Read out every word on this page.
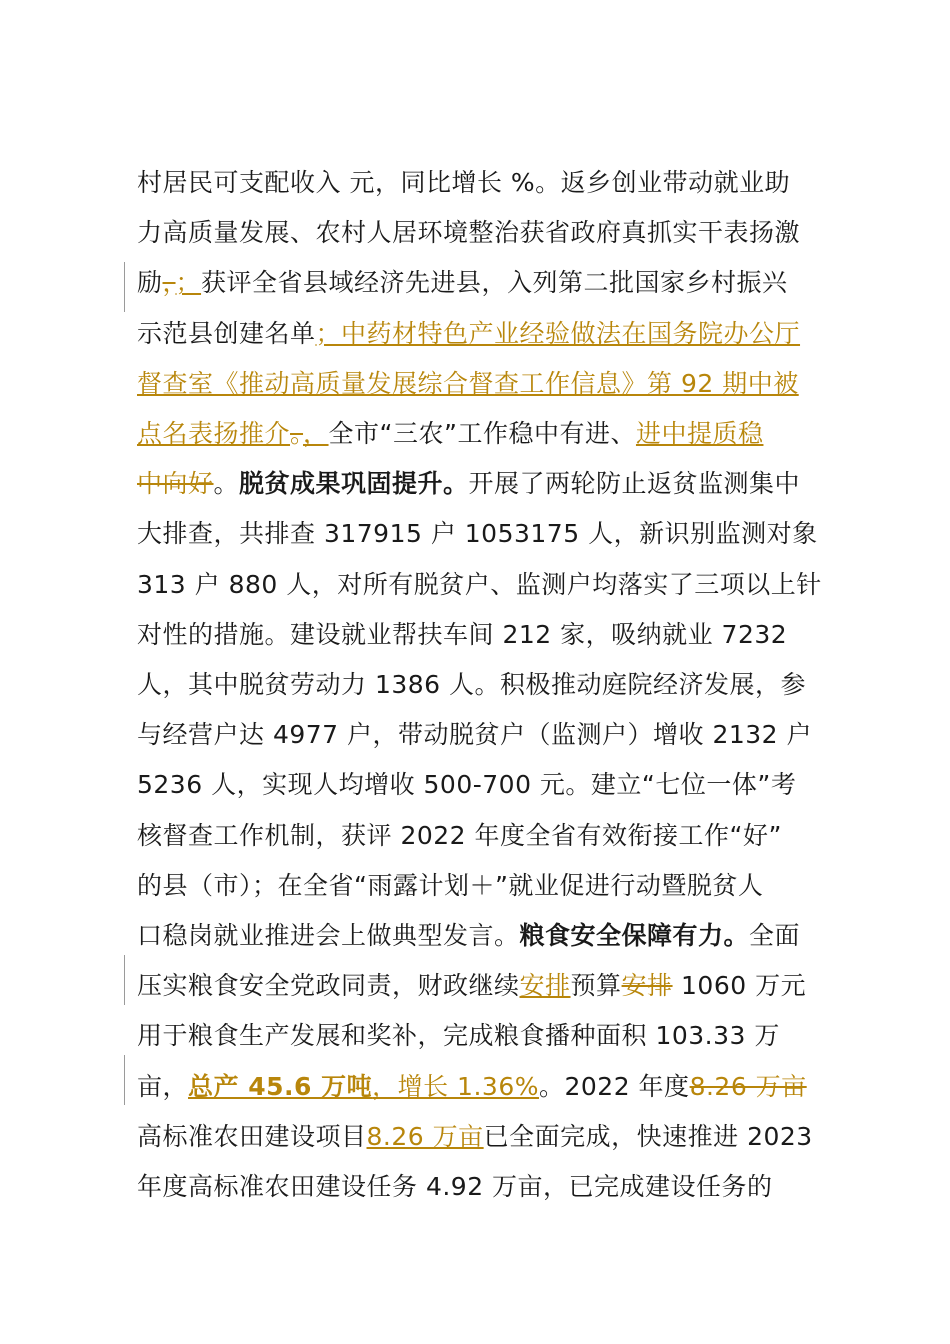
村居民可支配收入 元，同比增长 %。返乡创业带动就业助
力高质量发展、农村人居环境整治获省政府真抓实干表扬激
励，；获评全省县域经济先进县，入列第二批国家乡村振兴
示范县创建名单；中药材特色产业经验做法在国务院办公厅
督查室《推动高质量发展综合督查工作信息》第 92 期中被
点名表扬推介。，全市“三农”工作稳中有进、进中提质稳
中向好。脱贫成果巩固提升。开展了两轮防止返贫监测集中
大排查，共排查 317915 户 1053175 人，新识别监测对象
313 户 880 人，对所有脱贫户、监测户均落实了三项以上针
对性的措施。建设就业帮扶车间 212 家，吸纳就业 7232
人，其中脱贫劳动力 1386 人。积极推动庭院经济发展，参
与经营户达 4977 户，带动脱贫户（监测户）增收 2132 户
5236 人，实现人均增收 500-700 元。建立“七位一体”考
核督查工作机制，获评 2022 年度全省有效衔接工作“好”
的县（市）；在全省“雨露计划＋”就业促进行动暨脱贫人
口稳岗就业推进会上做典型发言。粮食安全保障有力。全面
压实粮食安全党政同责，财政继续安排预算安排 1060 万元
用于粮食生产发展和奖补，完成粮食播种面积 103.33 万
亩，总产 45.6 万吨，增长 1.36%。2022 年度8.26 万亩
高标准农田建设项目8.26 万亩已全面完成，快速推进 2023
年度高标准农田建设任务 4.92 万亩，已完成建设任务的
